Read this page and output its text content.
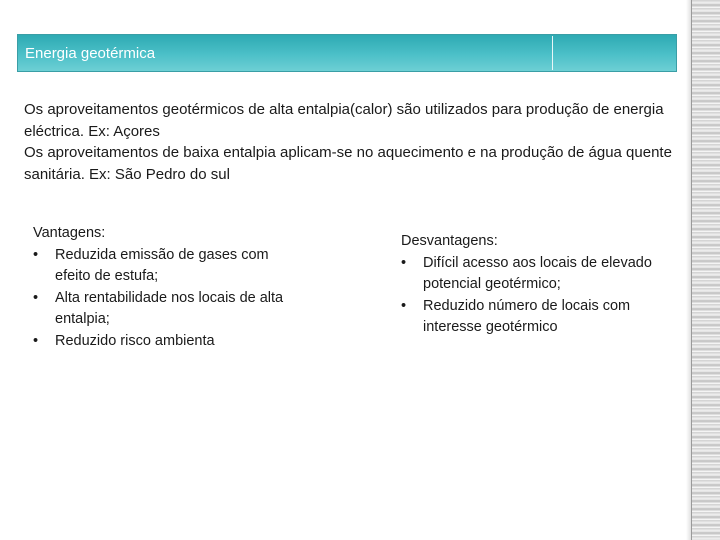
Energia geotérmica

Os aproveitamentos geotérmicos de alta entalpia(calor) são utilizados para produção de energia eléctrica. Ex: Açores

Os aproveitamentos de baixa entalpia aplicam-se no aquecimento e na produção de água quente sanitária. Ex: São Pedro do sul

Vantagens:
•	Reduzida emissão de gases com efeito de estufa;
•	Alta rentabilidade nos locais de alta entalpia;
•	Reduzido risco ambienta
Desvantagens:
•	Difícil acesso aos locais de elevado potencial geotérmico;
•	Reduzido número de locais com interesse geotérmico
